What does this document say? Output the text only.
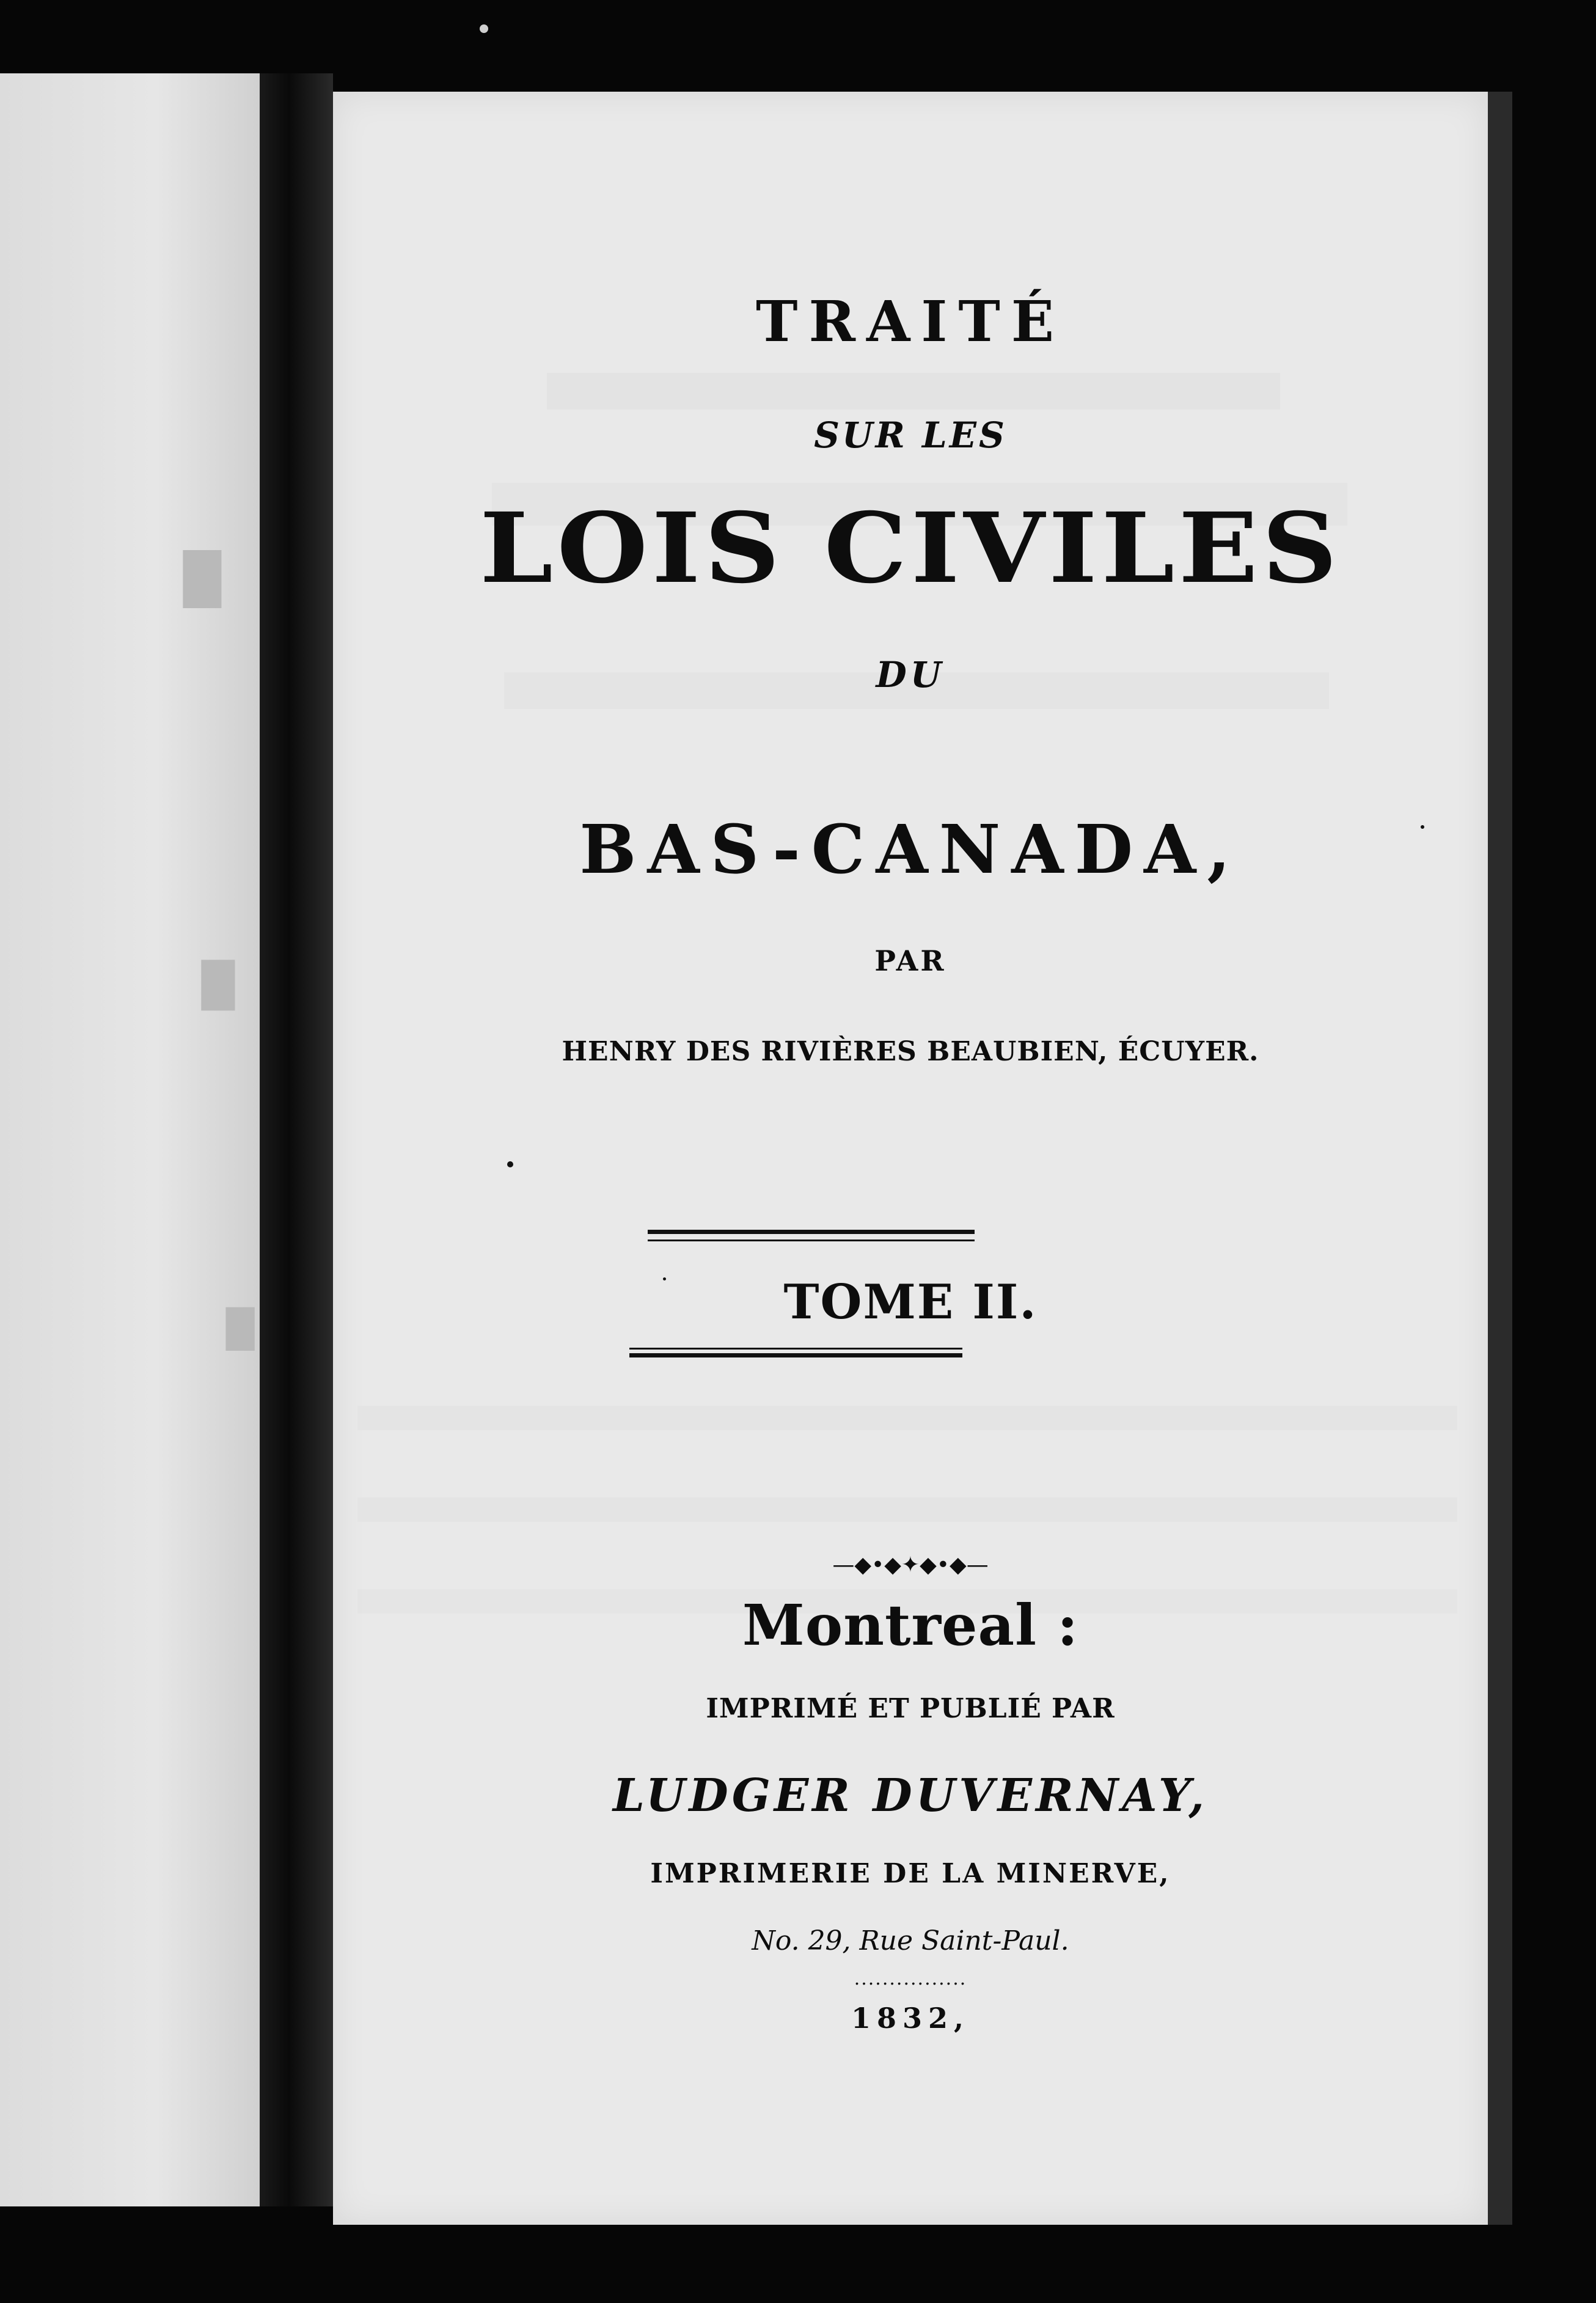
█
█
█
TRAITÉ
SUR LES
LOIS CIVILES
DU
BAS-CANADA,
PAR
HENRY DES RIVIÈRES BEAUBIEN, ÉCUYER.
TOME II.
—◆•◆✦◆•◆—
Montreal :
IMPRIMÉ ET PUBLIÉ PAR
LUDGER DUVERNAY,
IMPRIMERIE DE LA MINERVE,
No. 29, Rue Saint-Paul.
................
1832,
